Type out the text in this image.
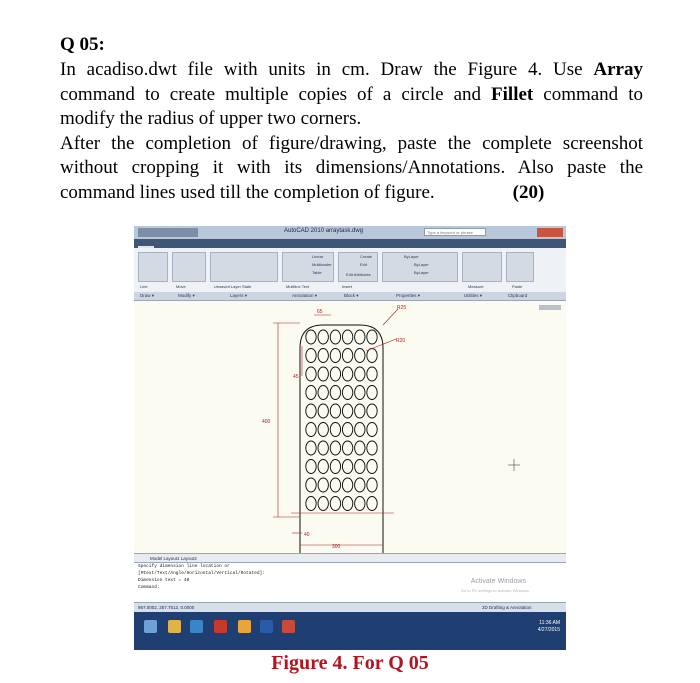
Q 05:

In acadiso.dwt file with units in cm. Draw the Figure 4. Use Array command to create multiple copies of a circle and Fillet command to modify the radius of upper two corners.

After the completion of figure/drawing, paste the complete screenshot without cropping it with its dimensions/Annotations. Also paste the command lines used till the completion of figure.	(20)

AutoCAD 2010 arraytask.dwg	Type a keyword or phrase
Line	Move	Unsaved Layer State	Multiline Text
Linear
Multileader
Table
Insert
Create
Edit
Edit Attributes
ByLayer
ByLayer
ByLayer
Measure	Paste
Draw ▾	Modify ▾	Layers ▾	Annotation ▾	Block ▾	Properties ▾	Utilities ▾	Clipboard
400
45
65
40
300
R25
R20
Model Layout1 Layout2
Specify dimension line location or
[Mtext/Text/Angle/Horizontal/Vertical/Rotated]:
Dimension text = 40
Command:
Activate Windows
Go to PC settings to activate Windows.
967.0002, 257.7512, 0.0000	2D Drafting & Annotation
11:36 AM
4/27/2015
Figure 4. For Q 05
